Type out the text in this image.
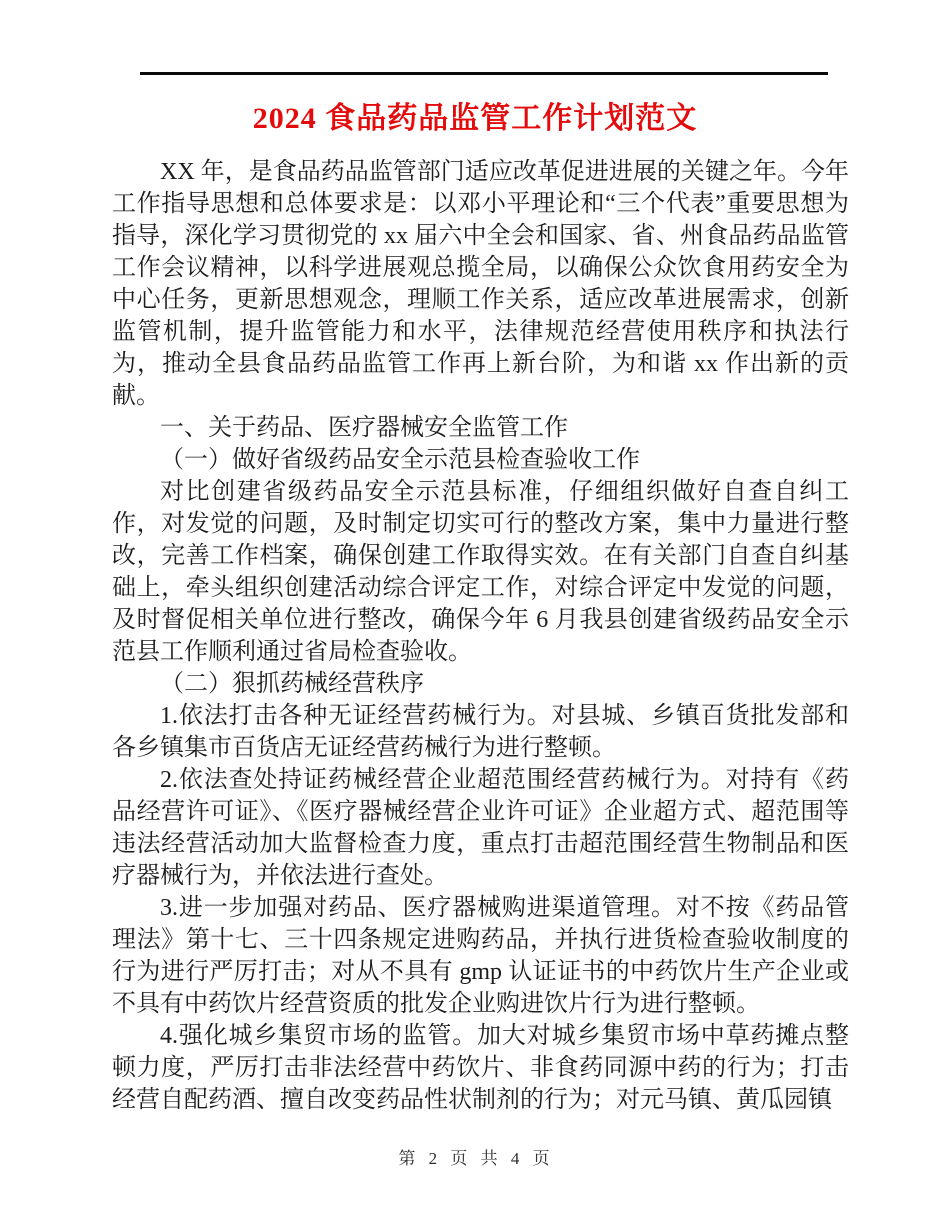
2024 食品药品监管工作计划范文

XX 年，是食品药品监管部门适应改革促进进展的关键之年。今年工作指导思想和总体要求是：以邓小平理论和“三个代表”重要思想为指导，深化学习贯彻党的 xx 届六中全会和国家、省、州食品药品监管工作会议精神，以科学进展观总揽全局，以确保公众饮食用药安全为中心任务，更新思想观念，理顺工作关系，适应改革进展需求，创新监管机制，提升监管能力和水平，法律规范经营使用秩序和执法行为，推动全县食品药品监管工作再上新台阶，为和谐 xx 作出新的贡献。

一、关于药品、医疗器械安全监管工作

（一）做好省级药品安全示范县检查验收工作

对比创建省级药品安全示范县标准，仔细组织做好自查自纠工作，对发觉的问题，及时制定切实可行的整改方案，集中力量进行整改，完善工作档案，确保创建工作取得实效。在有关部门自查自纠基础上，牵头组织创建活动综合评定工作，对综合评定中发觉的问题，及时督促相关单位进行整改，确保今年 6 月我县创建省级药品安全示范县工作顺利通过省局检查验收。

（二）狠抓药械经营秩序

1.依法打击各种无证经营药械行为。对县城、乡镇百货批发部和各乡镇集市百货店无证经营药械行为进行整顿。

2.依法查处持证药械经营企业超范围经营药械行为。对持有《药品经营许可证》、《医疗器械经营企业许可证》企业超方式、超范围等违法经营活动加大监督检查力度，重点打击超范围经营生物制品和医疗器械行为，并依法进行查处。

3.进一步加强对药品、医疗器械购进渠道管理。对不按《药品管理法》第十七、三十四条规定进购药品，并执行进货检查验收制度的行为进行严厉打击；对从不具有 gmp 认证证书的中药饮片生产企业或不具有中药饮片经营资质的批发企业购进饮片行为进行整顿。

4.强化城乡集贸市场的监管。加大对城乡集贸市场中草药摊点整顿力度，严厉打击非法经营中药饮片、非食药同源中药的行为；打击经营自配药酒、擅自改变药品性状制剂的行为；对元马镇、黄瓜园镇

第 2 页 共 4 页
